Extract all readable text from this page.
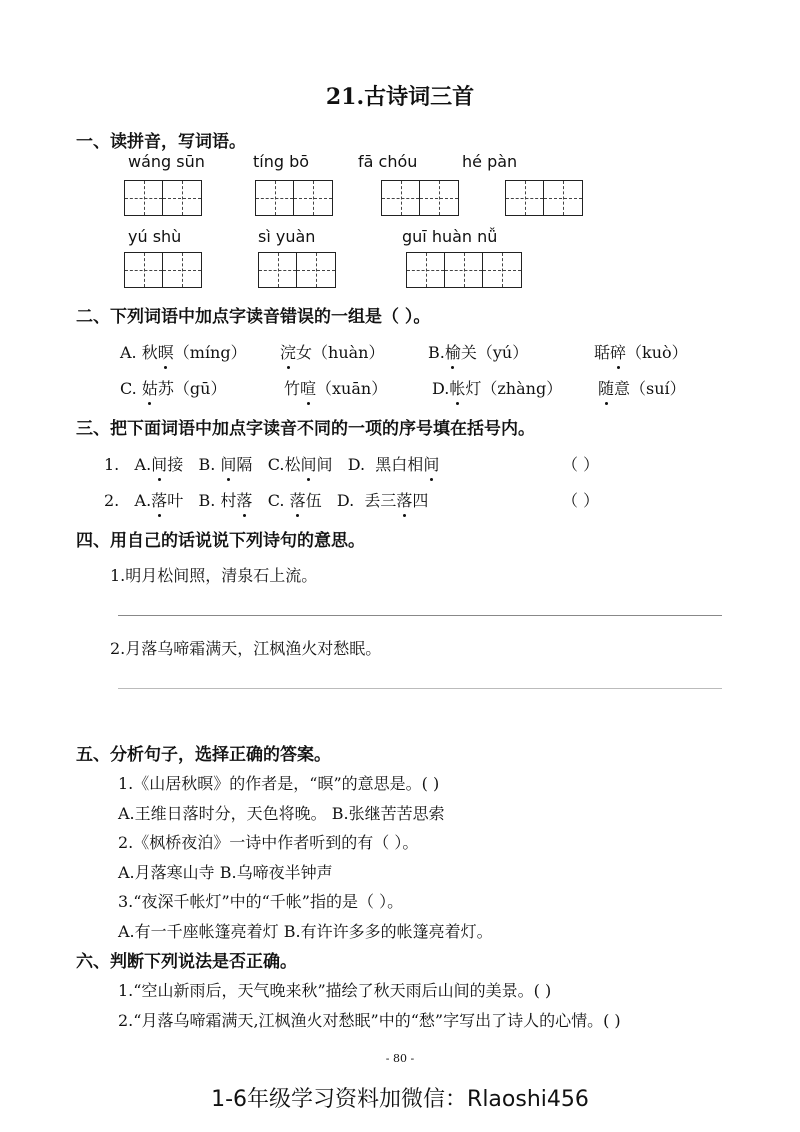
21.古诗词三首
一、读拼音，写词语。
wáng sūn	tíng bō	fā chóu	hé pàn
yú shù	sì yuàn	guī huàn nǚ
二、下列词语中加点字读音错误的一组是（ ）。
A. 秋暝（míng） 浣女（huàn）	B.榆关（yú）	聒碎（kuò）
C. 姑苏（gū）	竹喧（xuān）	D.帐灯（zhàng） 随意（suí）
三、把下面词语中加点字读音不同的一项的序号填在括号内。
1. A.间接 B. 间隔 C.松间间 D. 黑白相间	（ ）
2. A.落叶 B. 村落 C. 落伍 D. 丢三落四	（ ）
四、用自己的话说说下列诗句的意思。
1.明月松间照，清泉石上流。
2.月落乌啼霜满天，江枫渔火对愁眠。
五、分析句子，选择正确的答案。
1.《山居秋暝》的作者是，“暝”的意思是。( )
A.王维日落时分，天色将晚。 B.张继苦苦思索
2.《枫桥夜泊》一诗中作者听到的有（ ）。
A.月落寒山寺 B.乌啼夜半钟声
3.“夜深千帐灯”中的“千帐”指的是（ ）。
A.有一千座帐篷亮着灯 B.有许许多多的帐篷亮着灯。
六、判断下列说法是否正确。
1.“空山新雨后，天气晚来秋”描绘了秋天雨后山间的美景。( )
2.“月落乌啼霜满天,江枫渔火对愁眠”中的“愁”字写出了诗人的心情。( )
- 80 -
1-6年级学习资料加微信：Rlaoshi456
